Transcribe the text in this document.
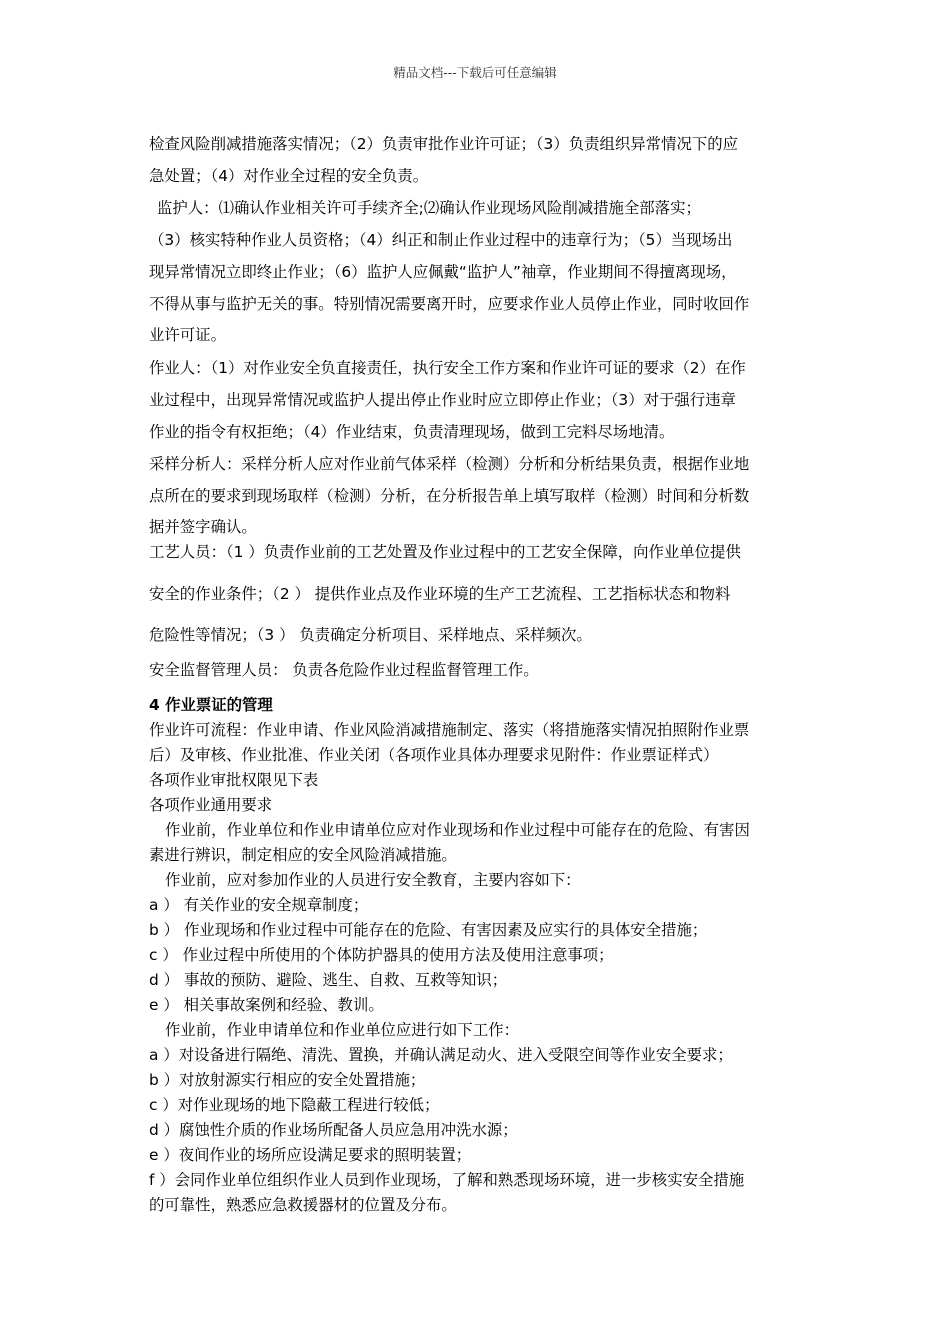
精品文档---下载后可任意编辑
检查风险削减措施落实情况；（2）负责审批作业许可证；（3）负责组织异常情况下的应
急处置；（4）对作业全过程的安全负责。
监护人：⑴确认作业相关许可手续齐全;⑵确认作业现场风险削减措施全部落实；
（3）核实特种作业人员资格；（4）纠正和制止作业过程中的违章行为；（5）当现场出
现异常情况立即终止作业；（6）监护人应佩戴“监护人”袖章，作业期间不得擅离现场，
不得从事与监护无关的事。特别情况需要离开时，应要求作业人员停止作业，同时收回作
业许可证。
作业人：（1）对作业安全负直接责任，执行安全工作方案和作业许可证的要求（2）在作
业过程中，出现异常情况或监护人提出停止作业时应立即停止作业；（3）对于强行违章
作业的指令有权拒绝；（4）作业结束，负责清理现场，做到工完料尽场地清。
采样分析人：采样分析人应对作业前气体采样（检测）分析和分析结果负责，根据作业地
点所在的要求到现场取样（检测）分析，在分析报告单上填写取样（检测）时间和分析数
据并签字确认。
工艺人员：（1 ）负责作业前的工艺处置及作业过程中的工艺安全保障，向作业单位提供
安全的作业条件；（2 ） 提供作业点及作业环境的生产工艺流程、工艺指标状态和物料
危险性等情况；（3 ） 负责确定分析项目、采样地点、采样频次。
安全监督管理人员： 负责各危险作业过程监督管理工作。
4 作业票证的管理
作业许可流程：作业申请、作业风险消减措施制定、落实（将措施落实情况拍照附作业票
后）及审核、作业批准、作业关闭（各项作业具体办理要求见附件：作业票证样式）
各项作业审批权限见下表
各项作业通用要求
作业前，作业单位和作业申请单位应对作业现场和作业过程中可能存在的危险、有害因
素进行辨识，制定相应的安全风险消减措施。
作业前，应对参加作业的人员进行安全教育，主要内容如下：
a ） 有关作业的安全规章制度；
b ） 作业现场和作业过程中可能存在的危险、有害因素及应实行的具体安全措施；
c ） 作业过程中所使用的个体防护器具的使用方法及使用注意事项；
d ） 事故的预防、避险、逃生、自救、互救等知识；
e ） 相关事故案例和经验、教训。
作业前，作业申请单位和作业单位应进行如下工作：
a ）对设备进行隔绝、清洗、置换，并确认满足动火、进入受限空间等作业安全要求；
b ）对放射源实行相应的安全处置措施；
c ）对作业现场的地下隐蔽工程进行较低；
d ）腐蚀性介质的作业场所配备人员应急用冲洗水源；
e ）夜间作业的场所应设满足要求的照明装置；
f ）会同作业单位组织作业人员到作业现场，了解和熟悉现场环境，进一步核实安全措施
的可靠性，熟悉应急救援器材的位置及分布。
